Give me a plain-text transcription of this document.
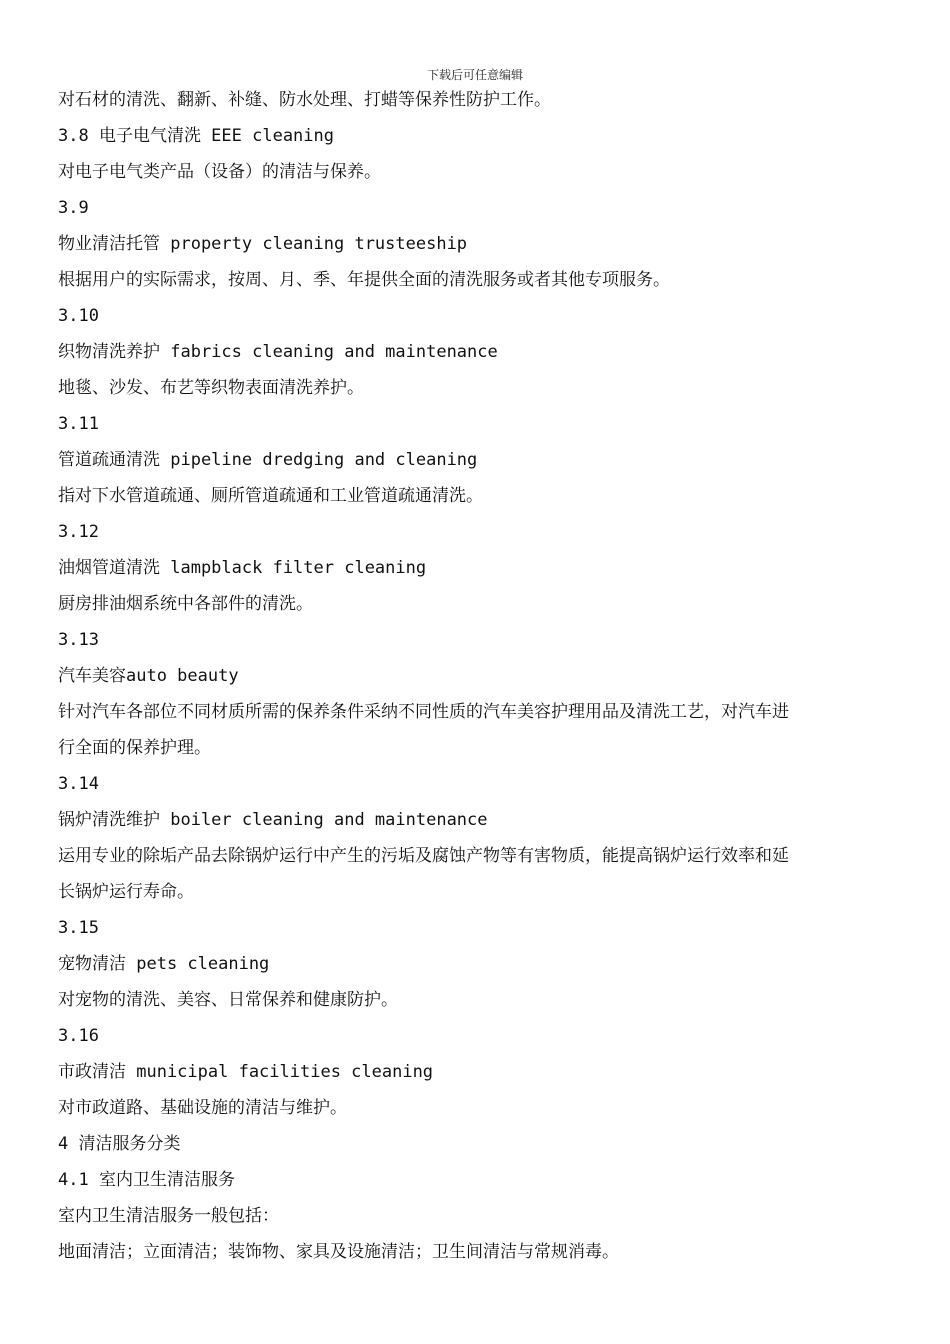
下载后可任意编辑
对石材的清洗、翻新、补缝、防水处理、打蜡等保养性防护工作。
3.8 电子电气清洗 EEE cleaning
对电子电气类产品（设备）的清洁与保养。
3.9
物业清洁托管 property cleaning trusteeship
根据用户的实际需求，按周、月、季、年提供全面的清洗服务或者其他专项服务。
3.10
织物清洗养护 fabrics cleaning and maintenance
地毯、沙发、布艺等织物表面清洗养护。
3.11
管道疏通清洗 pipeline dredging and cleaning
指对下水管道疏通、厕所管道疏通和工业管道疏通清洗。
3.12
油烟管道清洗 lampblack filter cleaning
厨房排油烟系统中各部件的清洗。
3.13
汽车美容auto beauty
针对汽车各部位不同材质所需的保养条件采纳不同性质的汽车美容护理用品及清洗工艺，对汽车进
行全面的保养护理。
3.14
锅炉清洗维护 boiler cleaning and maintenance
运用专业的除垢产品去除锅炉运行中产生的污垢及腐蚀产物等有害物质，能提高锅炉运行效率和延
长锅炉运行寿命。
3.15
宠物清洁 pets cleaning
对宠物的清洗、美容、日常保养和健康防护。
3.16
市政清洁 municipal facilities cleaning
对市政道路、基础设施的清洁与维护。
4 清洁服务分类
4.1 室内卫生清洁服务
室内卫生清洁服务一般包括：
地面清洁；立面清洁；装饰物、家具及设施清洁；卫生间清洁与常规消毒。
